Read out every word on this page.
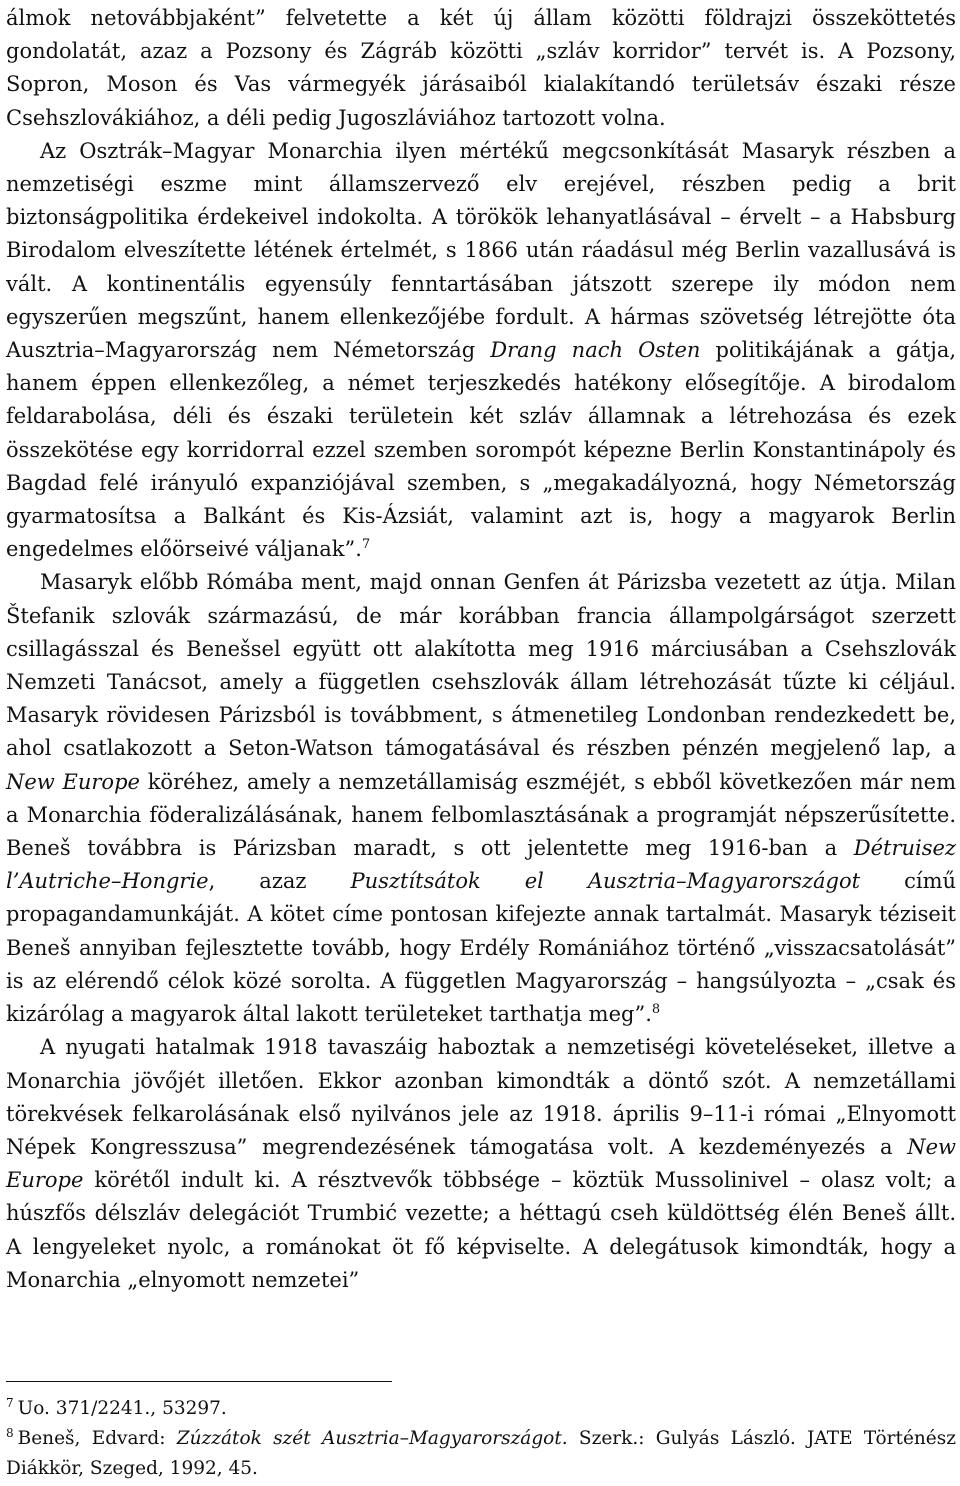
álmok netovábbjaként” felvetette a két új állam közötti földrajzi összeköttetés gondolatát, azaz a Pozsony és Zágráb közötti „szláv korridor” tervét is. A Pozsony, Sopron, Moson és Vas vármegyék járásaiból kialakítandó területsáv északi része Csehszlovákiához, a déli pedig Jugoszláviához tartozott volna.

Az Osztrák–Magyar Monarchia ilyen mértékű megcsonkítását Masaryk részben a nemzetiségi eszme mint államszervező elv erejével, részben pedig a brit biztonságpolitika érdekeivel indokolta. A törökök lehanyatlásával – érvelt – a Habsburg Birodalom elveszítette létének értelmét, s 1866 után ráadásul még Berlin vazallusává is vált. A kontinentális egyensúly fenntartásában játszott szerepe ily módon nem egyszerűen megszűnt, hanem ellenkezőjébe fordult. A hármas szövetség létrejötte óta Ausztria–Magyarország nem Németország Drang nach Osten politikájának a gátja, hanem éppen ellenkezőleg, a német terjeszkedés hatékony elősegítője. A birodalom feldarabolása, déli és északi területein két szláv államnak a létrehozása és ezek összekötése egy korridorral ezzel szemben sorompót képezne Berlin Konstantinápoly és Bagdad felé irányuló expanziójával szemben, s „megakadályozná, hogy Németország gyarmatosítsa a Balkánt és Kis-Ázsiát, valamint azt is, hogy a magyarok Berlin engedelmes előörseivé váljanak”.$^7$

Masaryk előbb Rómába ment, majd onnan Genfen át Párizsba vezetett az útja. Milan Štefanik szlovák származású, de már korábban francia állampolgárságot szerzett csillagásszal és Benešsel együtt ott alakította meg 1916 márciusában a Csehszlovák Nemzeti Tanácsot, amely a független csehszlovák állam létrehozását tűzte ki céljául. Masaryk rövidesen Párizsból is továbbment, s átmenetileg Londonban rendezkedett be, ahol csatlakozott a Seton-Watson támogatásával és részben pénzén megjelenő lap, a New Europe köréhez, amely a nemzetállamiság eszméjét, s ebből következően már nem a Monarchia föderalizálásának, hanem felbomlasztásának a programját népszerűsítette. Beneš továbbra is Párizsban maradt, s ott jelentette meg 1916-ban a Détruisez l’Autriche–Hongrie, azaz Pusztítsátok el Ausztria–Magyarországot című propagandamunkáját. A kötet címe pontosan kifejezte annak tartalmát. Masaryk téziseit Beneš annyiban fejlesztette tovább, hogy Erdély Romániához történő „visszacsatolását” is az elérendő célok közé sorolta. A független Magyarország – hangsúlyozta – „csak és kizárólag a magyarok által lakott területeket tarthatja meg”.$^8$

A nyugati hatalmak 1918 tavaszáig haboztak a nemzetiségi követeléseket, illetve a Monarchia jövőjét illetően. Ekkor azonban kimondták a döntő szót. A nemzetállami törekvések felkarolásának első nyilvános jele az 1918. április 9–11-i római „Elnyomott Népek Kongresszusa” megrendezésének támogatása volt. A kezdeményezés a New Europe körétől indult ki. A résztvevők többsége – köztük Mussolinivel – olasz volt; a húszfős délszláv delegációt Trumbić vezette; a héttagú cseh küldöttség élén Beneš állt. A lengyeleket nyolc, a románokat öt fő képviselte. A delegátusok kimondták, hogy a Monarchia „elnyomott nemzetei”

$^7$ Uo. 371/2241., 53297.

$^8$ Beneš, Edvard: Zúzzátok szét Ausztria–Magyarországot. Szerk.: Gulyás László. JATE Történész Diákkör, Szeged, 1992, 45.
